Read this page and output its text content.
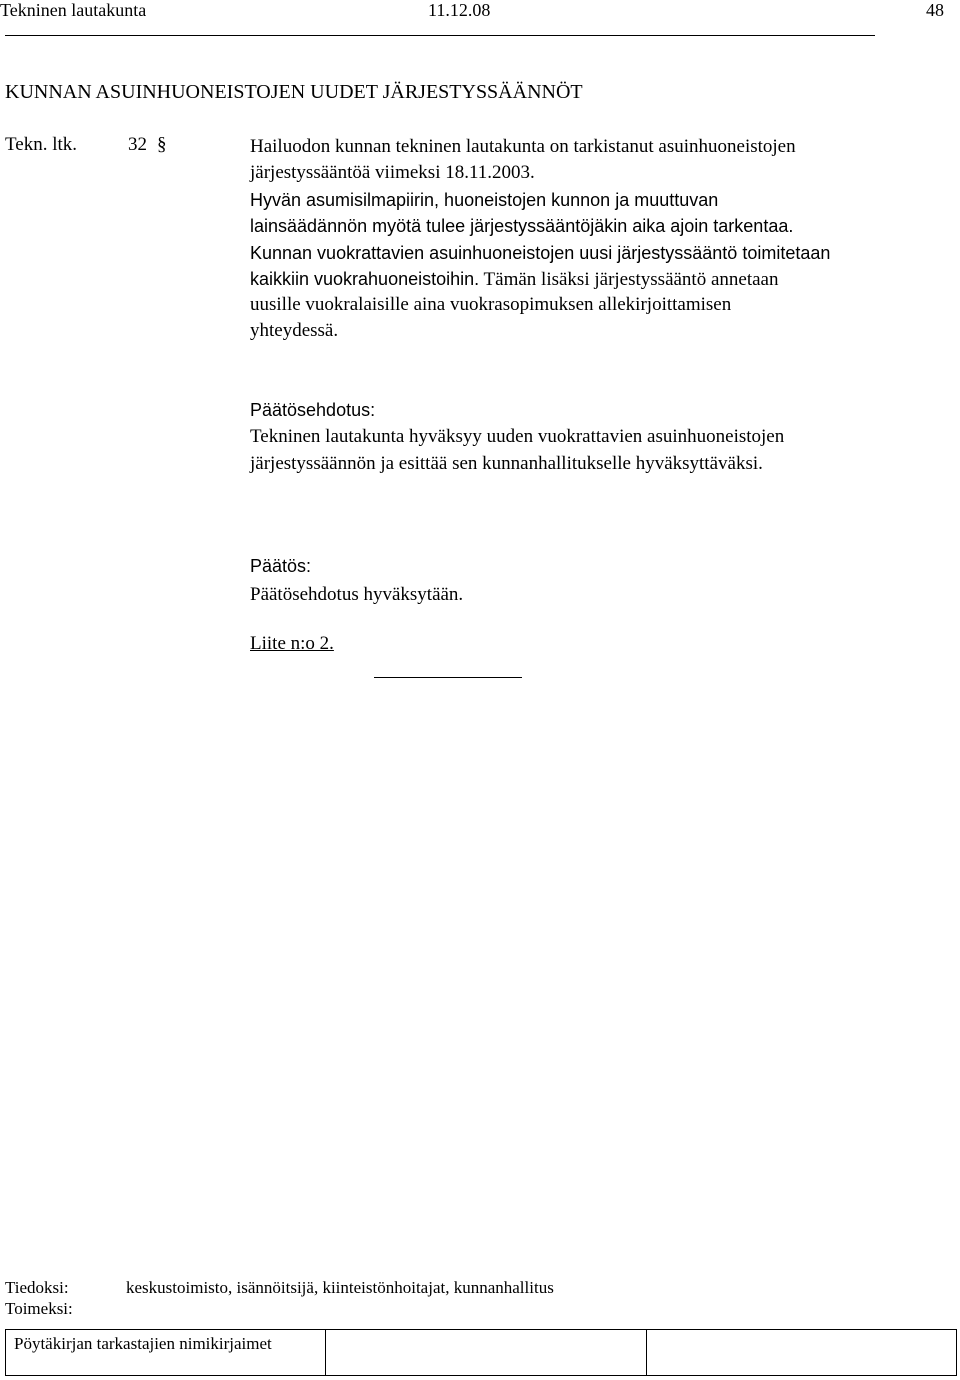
Tekninen lautakunta	11.12.08	48
KUNNAN ASUINHUONEISTOJEN UUDET JÄRJESTYSSÄÄNNÖT
Tekn. ltk.	32 §	Hailuodon kunnan tekninen lautakunta on tarkistanut asuinhuoneistojen
järjestyssääntöä viimeksi 18.11.2003.
Hyvän asumisilmapiirin, huoneistojen kunnon ja muuttuvan
lainsäädännön myötä tulee järjestyssääntöjäkin aika ajoin tarkentaa.
Kunnan vuokrattavien asuinhuoneistojen uusi järjestyssääntö toimitetaan
kaikkiin vuokrahuoneistoihin. Tämän lisäksi järjestyssääntö annetaan
uusille vuokralaisille aina vuokrasopimuksen allekirjoittamisen
yhteydessä.
Päätösehdotus:
Tekninen lautakunta hyväksyy uuden vuokrattavien asuinhuoneistojen
järjestyssäännön ja esittää sen kunnanhallitukselle hyväksyttäväksi.
Päätös:
Päätösehdotus hyväksytään.
Liite n:o 2.
Tiedoksi:	keskustoimisto, isännöitsijä, kiinteistönhoitajat, kunnanhallitus
Toimeksi:
Pöytäkirjan tarkastajien nimikirjaimet
